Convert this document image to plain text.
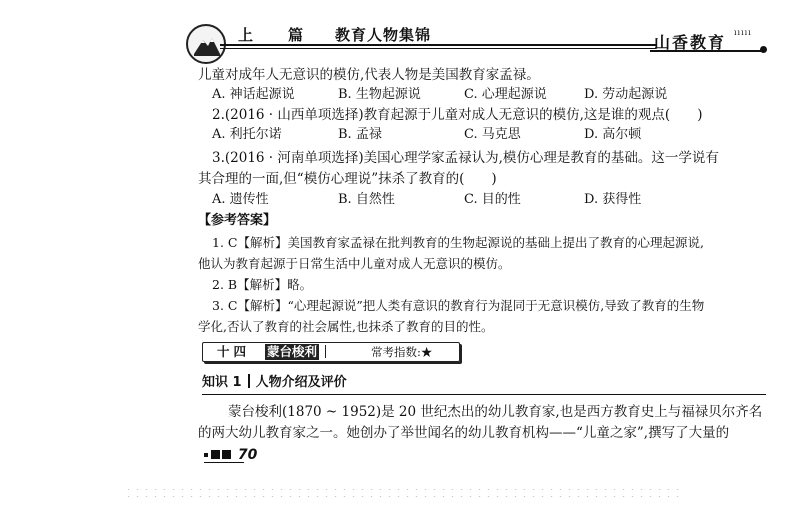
上　篇 教育人物集锦	山香教育
ııııı
儿童对成年人无意识的模仿,代表人物是美国教育家孟禄。
A. 神话起源说	B. 生物起源说	C. 心理起源说	D. 劳动起源说
2.(2016 · 山西单项选择)教育起源于儿童对成人无意识的模仿,这是谁的观点(　　)
A. 利托尔诺	B. 孟禄	C. 马克思	D. 高尔顿
3.(2016 · 河南单项选择)美国心理学家孟禄认为,模仿心理是教育的基础。这一学说有
其合理的一面,但“模仿心理说”抹杀了教育的(　　)
A. 遗传性	B. 自然性	C. 目的性	D. 获得性
【参考答案】
1. C【解析】美国教育家孟禄在批判教育的生物起源说的基础上提出了教育的心理起源说,
他认为教育起源于日常生活中儿童对成人无意识的模仿。
2. B【解析】略。
3. C【解析】“心理起源说”把人类有意识的教育行为混同于无意识模仿,导致了教育的生物
学化,否认了教育的社会属性,也抹杀了教育的目的性。
十四 蒙台梭利	常考指数:★
知识 1 人物介绍及评价
蒙台梭利(1870 ~ 1952)是 20 世纪杰出的幼儿教育家,也是西方教育史上与福禄贝尔齐名
的两大幼儿教育家之一。她创办了举世闻名的幼儿教育机构——“儿童之家”,撰写了大量的
70
